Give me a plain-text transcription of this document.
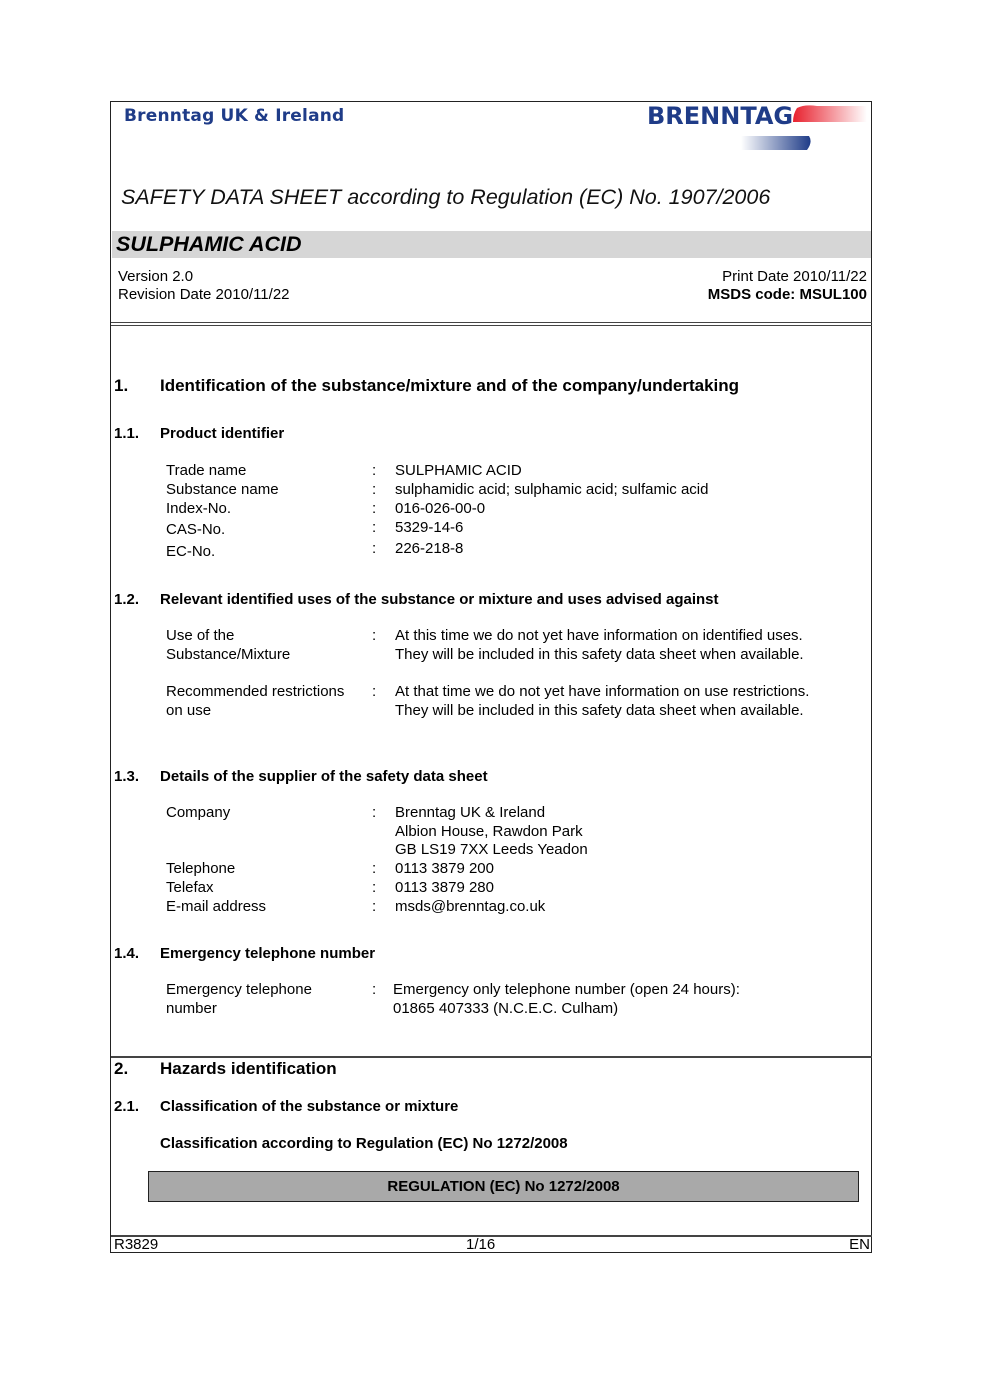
Brenntag UK & Ireland	BRENNTAG
SAFETY DATA SHEET according to Regulation (EC) No. 1907/2006
SULPHAMIC ACID
Version 2.0
Revision Date 2010/11/22
Print Date 2010/11/22
MSDS code: MSUL100
1. Identification of the substance/mixture and of the company/undertaking
1.1. Product identifier
Trade name	: SULPHAMIC ACID
Substance name	: sulphamidic acid; sulphamic acid; sulfamic acid
Index-No.	: 016-026-00-0
CAS-No.	: 5329-14-6
EC-No.	: 226-218-8
1.2. Relevant identified uses of the substance or mixture and uses advised against
Use of the
Substance/Mixture
: At this time we do not yet have information on identified uses.
They will be included in this safety data sheet when available.
Recommended restrictions
on use
: At that time we do not yet have information on use restrictions.
They will be included in this safety data sheet when available.
1.3. Details of the supplier of the safety data sheet
Company	: Brenntag UK & Ireland
Albion House, Rawdon Park
GB LS19 7XX Leeds Yeadon
Telephone	: 0113 3879 200
Telefax	: 0113 3879 280
E-mail address	: msds@brenntag.co.uk
1.4. Emergency telephone number
Emergency telephone
number
: Emergency only telephone number (open 24 hours):
01865 407333 (N.C.E.C. Culham)
2. Hazards identification
2.1. Classification of the substance or mixture
Classification according to Regulation (EC) No 1272/2008
REGULATION (EC) No 1272/2008
R3829	1/16	EN
